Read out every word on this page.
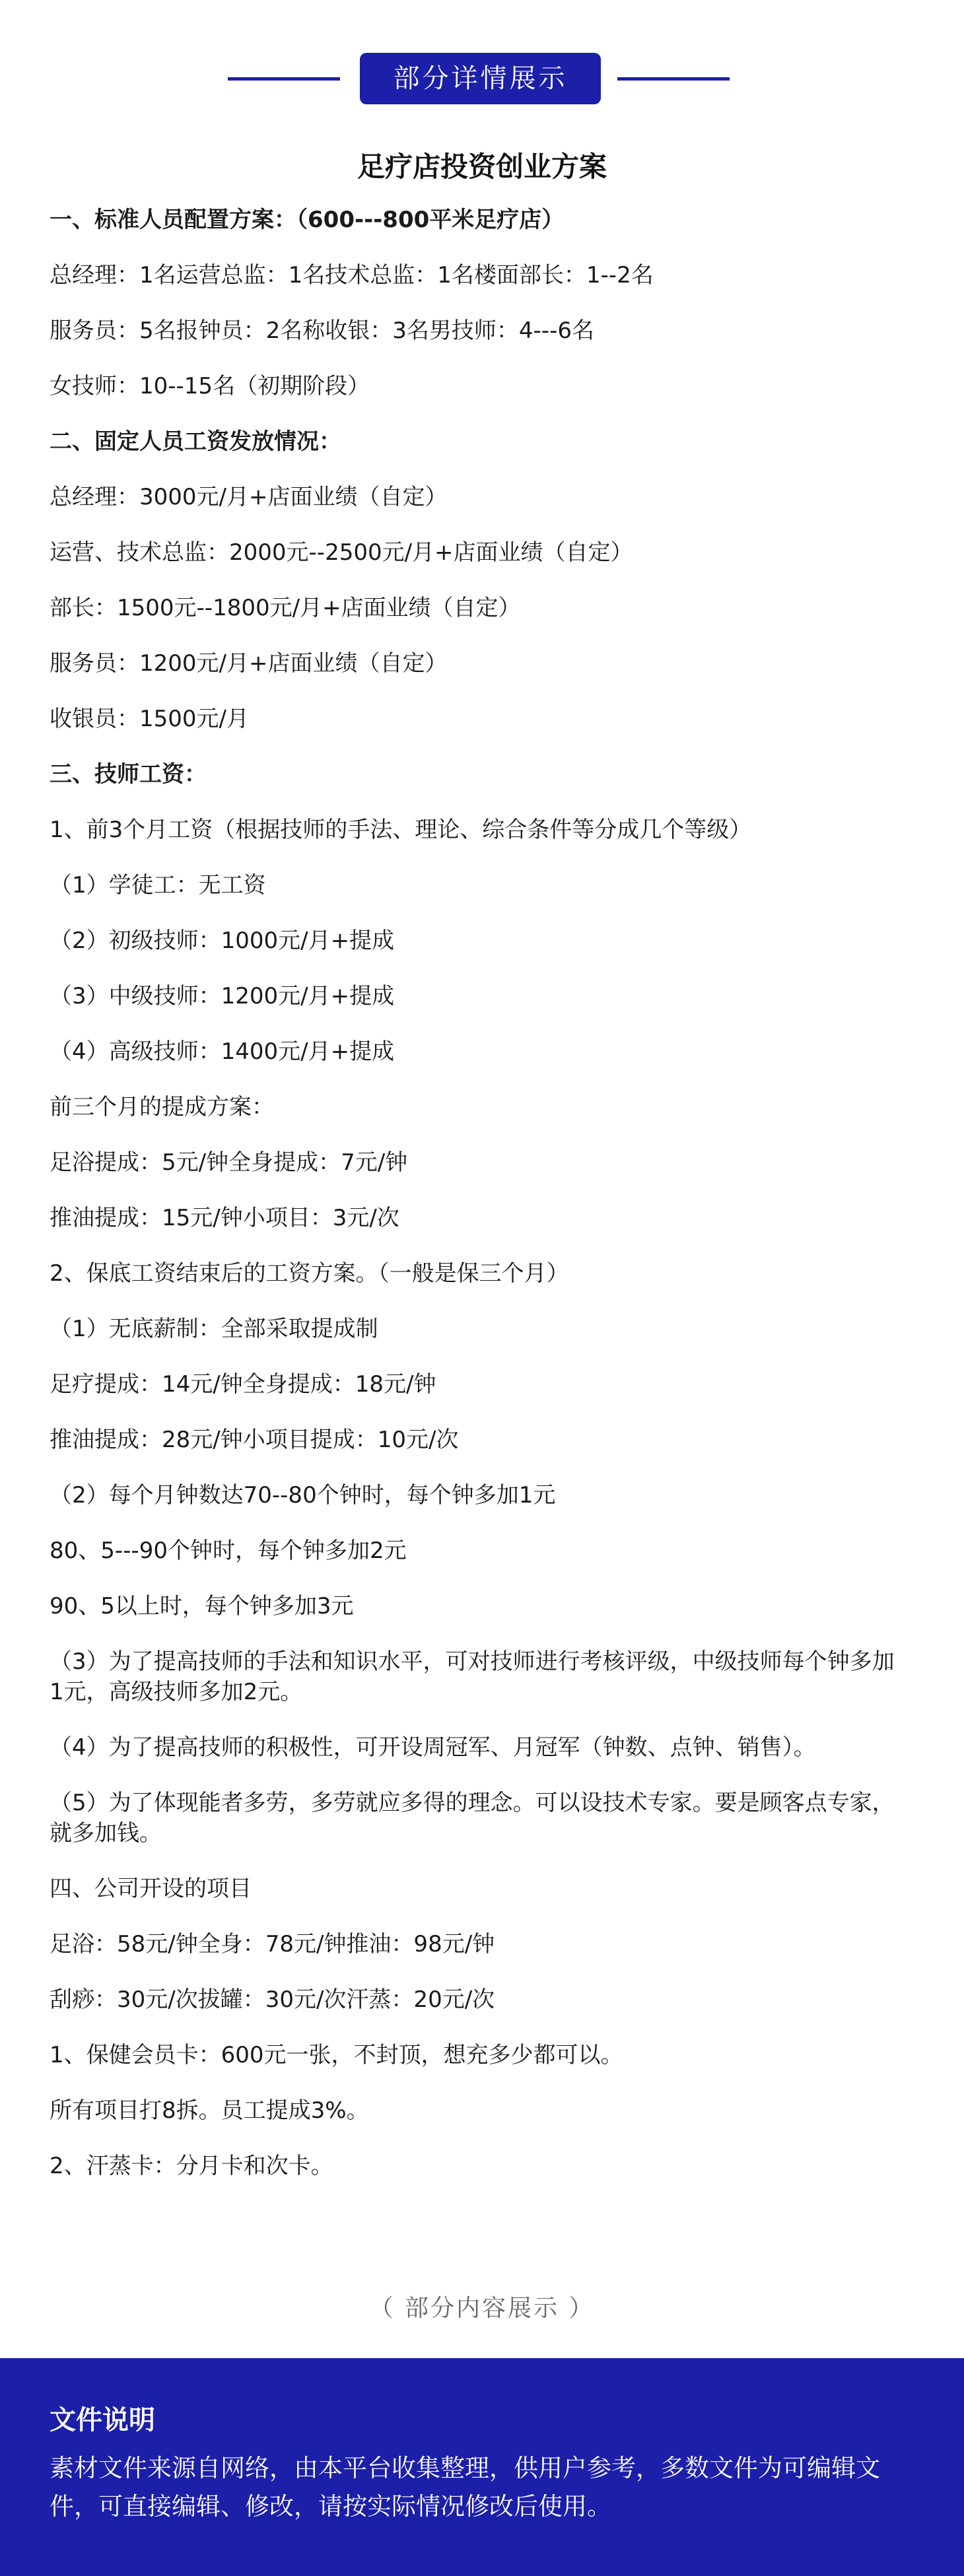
部分详情展示
足疗店投资创业方案
一、标准人员配置方案：（600---800平米足疗店）
总经理：1名运营总监：1名技术总监：1名楼面部长：1--2名
服务员：5名报钟员：2名称收银：3名男技师：4---6名
女技师：10--15名（初期阶段）
二、固定人员工资发放情况：
总经理：3000元/月+店面业绩（自定）
运营、技术总监：2000元--2500元/月+店面业绩（自定）
部长：1500元--1800元/月+店面业绩（自定）
服务员：1200元/月+店面业绩（自定）
收银员：1500元/月
三、技师工资：
1、前3个月工资（根据技师的手法、理论、综合条件等分成几个等级）
（1）学徒工：无工资
（2）初级技师：1000元/月+提成
（3）中级技师：1200元/月+提成
（4）高级技师：1400元/月+提成
前三个月的提成方案：
足浴提成：5元/钟全身提成：7元/钟
推油提成：15元/钟小项目：3元/次
2、保底工资结束后的工资方案。（一般是保三个月）
（1）无底薪制：全部采取提成制
足疗提成：14元/钟全身提成：18元/钟
推油提成：28元/钟小项目提成：10元/次
（2）每个月钟数达70--80个钟时，每个钟多加1元
80、5---90个钟时，每个钟多加2元
90、5以上时，每个钟多加3元
（3）为了提高技师的手法和知识水平，可对技师进行考核评级，中级技师每个钟多加1元，高级技师多加2元。
（4）为了提高技师的积极性，可开设周冠军、月冠军（钟数、点钟、销售）。
（5）为了体现能者多劳，多劳就应多得的理念。可以设技术专家。要是顾客点专家，就多加钱。
四、公司开设的项目
足浴：58元/钟全身：78元/钟推油：98元/钟
刮痧：30元/次拔罐：30元/次汗蒸：20元/次
1、保健会员卡：600元一张，不封顶，想充多少都可以。
所有项目打8拆。员工提成3%。
2、汗蒸卡：分月卡和次卡。
（ 部分内容展示 ）
文件说明
素材文件来源自网络，由本平台收集整理，供用户参考，多数文件为可编辑文件，可直接编辑、修改，请按实际情况修改后使用。
